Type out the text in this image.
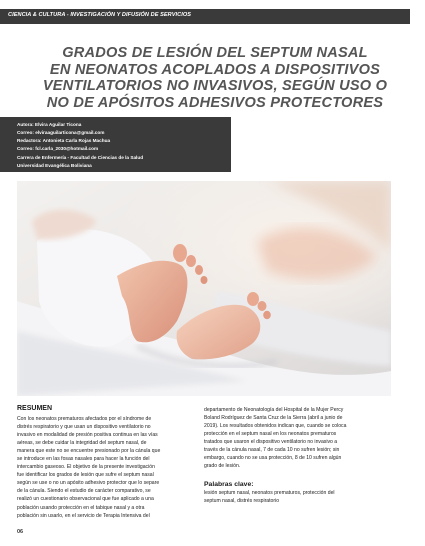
CIENCIA & CULTURA - INVESTIGACIÓN Y DIFUSIÓN DE SERVICIOS
GRADOS DE LESIÓN DEL SEPTUM NASAL
EN NEONATOS ACOPLADOS A DISPOSITIVOS
VENTILATORIOS NO INVASIVOS, SEGÚN USO O
NO DE APÓSITOS ADHESIVOS PROTECTORES
Autora: Elvira Aguilar Ticona
Correo: elviraaguilarticona@gmail.com
Redactora: Antonieta Carla Rojas Machua
Correo: fcl.carla_2030@hotmail.com
Carrera de Enfermería - Facultad de Ciencias de la Salud
Universidad Evangélica Boliviana
RESUMEN
Con los neonatos prematuros afectados por el síndrome de
distrés respiratorio y que usan un dispositivo ventilatorio no
invasivo en modalidad de presión positiva continua en las vías
aéreas, se debe cuidar la integridad del septum nasal, de
manera que este no se encuentre presionado por la cánula que
se introduce en las fosas nasales para hacer la función del
intercambio gaseoso. El objetivo de la presente investigación
fue identificar los grados de lesión que sufre el septum nasal
según se use o no un apósito adhesivo protector que lo separe
de la cánula. Siendo el estudio de carácter comparativo, se
realizó un cuestionario observacional que fue aplicado a una
población usando protección en el tabique nasal y a otra
población sin usarlo, en el servicio de Terapia Intensiva del
departamento de Neonatología del Hospital de la Mujer Percy
Boland Rodríguez de Santa Cruz de la Sierra (abril a junio de
2019). Los resultados obtenidos indican que, cuando se coloca
protección en el septum nasal en los neonatos prematuros
tratados que usaron el dispositivo ventilatorio no invasivo a
través de la cánula nasal, 7 de cada 10 no sufren lesión; sin
embargo, cuando no se usa protección, 8 de 10 sufren algún
grado de lesión.
Palabras clave:
lesión septum nasal, neonatos prematuros, protección del
septum nasal, distrés respiratorio
06
